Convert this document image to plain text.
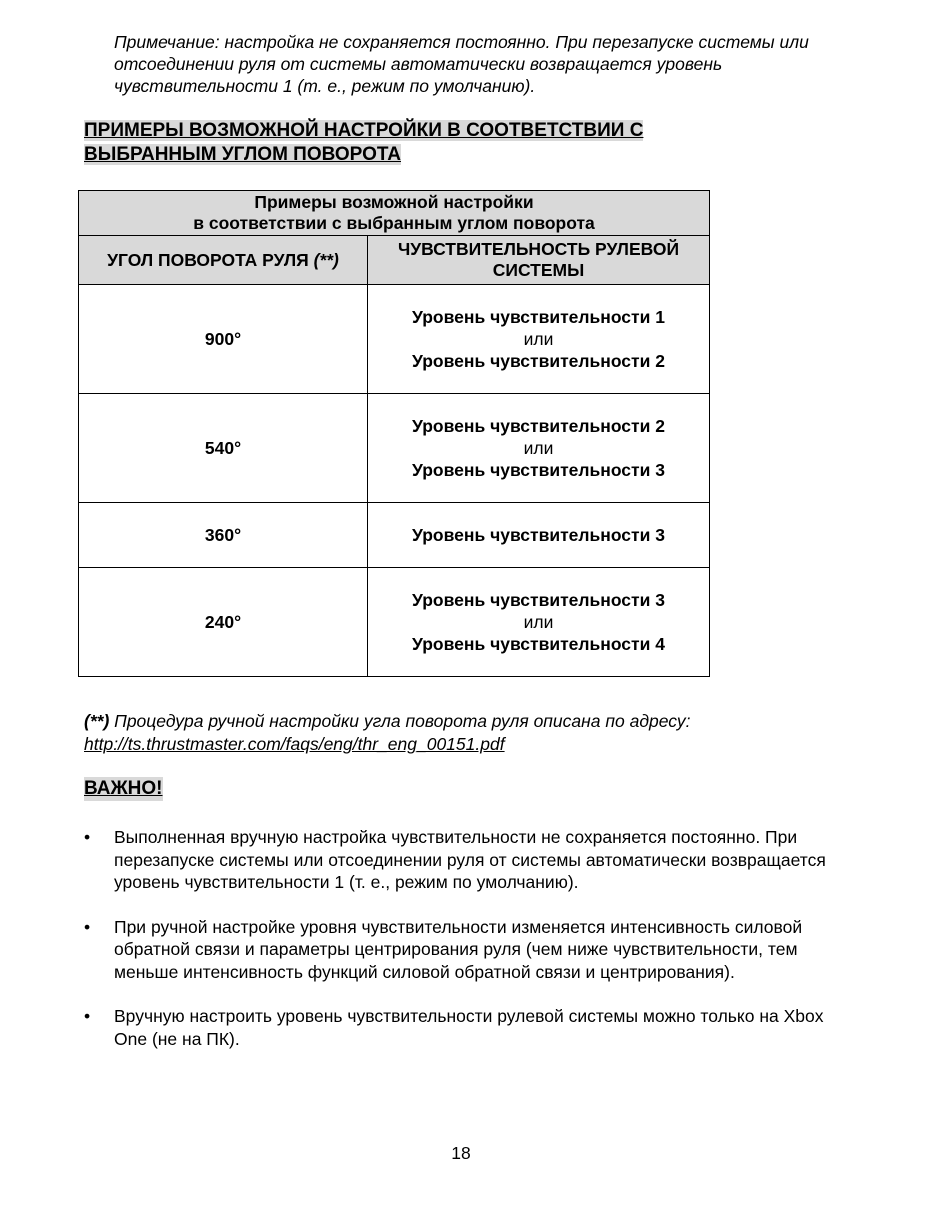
Примечание: настройка не сохраняется постоянно. При перезапуске системы или отсоединении руля от системы автоматически возвращается уровень чувствительности 1 (т. е., режим по умолчанию).
ПРИМЕРЫ ВОЗМОЖНОЙ НАСТРОЙКИ В СООТВЕТСТВИИ С
ВЫБРАННЫМ УГЛОМ ПОВОРОТА
Примеры возможной настройки
в соответствии с выбранным углом поворота	
УГОЛ ПОВОРОТА РУЛЯ (**)	ЧУВСТВИТЕЛЬНОСТЬ РУЛЕВОЙ СИСТЕМЫ
900°	Уровень чувствительности 1
или
Уровень чувствительности 2

540°	Уровень чувствительности 2
или
Уровень чувствительности 3

360°	Уровень чувствительности 3

240°	Уровень чувствительности 3
или
Уровень чувствительности 4
(**) Процедура ручной настройки угла поворота руля описана по адресу:
http://ts.thrustmaster.com/faqs/eng/thr_eng_00151.pdf
ВАЖНО!
•	Выполненная вручную настройка чувствительности не сохраняется постоянно. При перезапуске системы или отсоединении руля от системы автоматически возвращается уровень чувствительности 1 (т. е., режим по умолчанию).
•	При ручной настройке уровня чувствительности изменяется интенсивность силовой обратной связи и параметры центрирования руля (чем ниже чувствительности, тем меньше интенсивность функций силовой обратной связи и центрирования).
•	Вручную настроить уровень чувствительности рулевой системы можно только на Xbox One (не на ПК).
18
